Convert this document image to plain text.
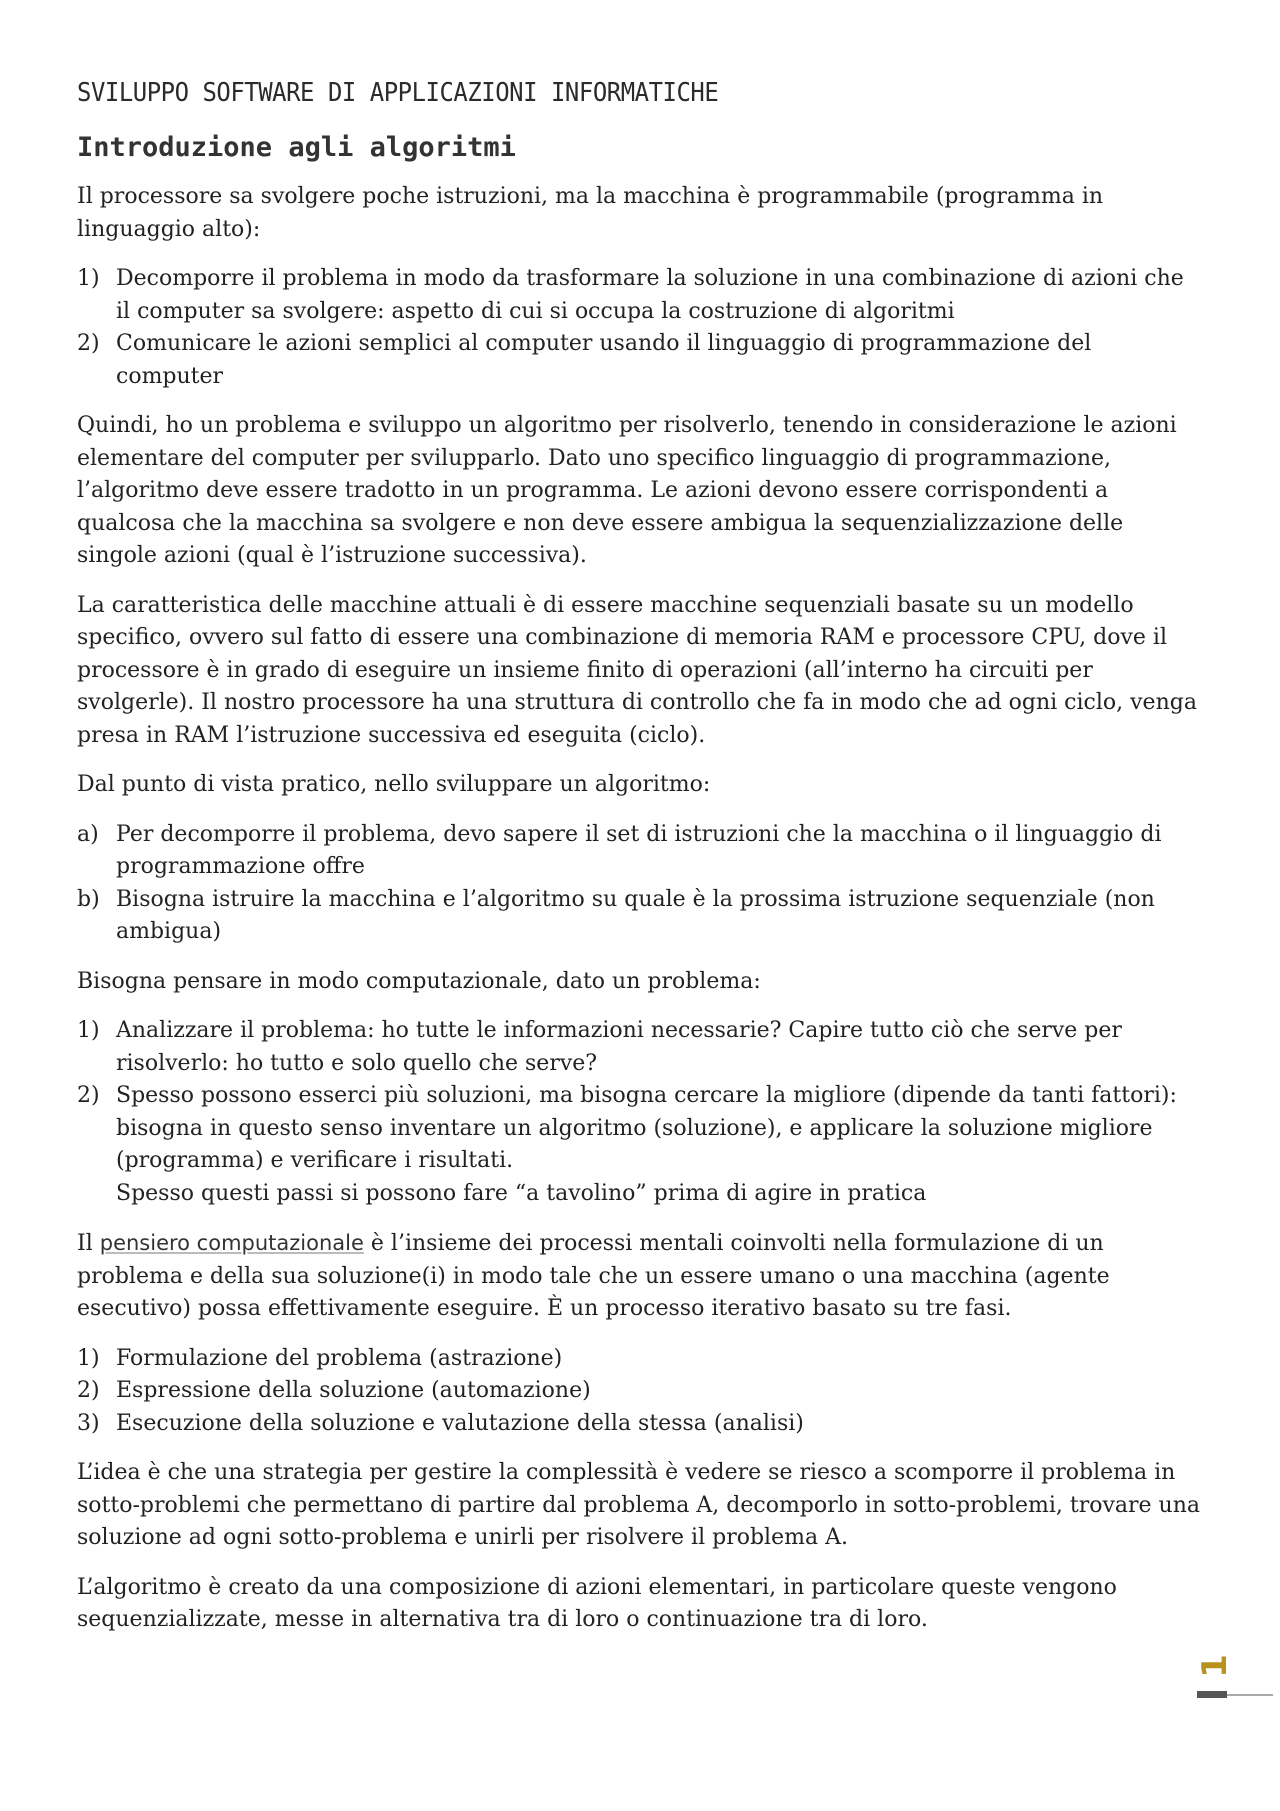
SVILUPPO SOFTWARE DI APPLICAZIONI INFORMATICHE
Introduzione agli algoritmi

Il processore sa svolgere poche istruzioni, ma la macchina è programmabile (programma in linguaggio alto):

1) Decomporre il problema in modo da trasformare la soluzione in una combinazione di azioni che il computer sa svolgere: aspetto di cui si occupa la costruzione di algoritmi
2) Comunicare le azioni semplici al computer usando il linguaggio di programmazione del computer

Quindi, ho un problema e sviluppo un algoritmo per risolverlo, tenendo in considerazione le azioni elementare del computer per svilupparlo. Dato uno specifico linguaggio di programmazione, l’algoritmo deve essere tradotto in un programma. Le azioni devono essere corrispondenti a qualcosa che la macchina sa svolgere e non deve essere ambigua la sequenzializzazione delle singole azioni (qual è l’istruzione successiva).

La caratteristica delle macchine attuali è di essere macchine sequenziali basate su un modello specifico, ovvero sul fatto di essere una combinazione di memoria RAM e processore CPU, dove il processore è in grado di eseguire un insieme finito di operazioni (all’interno ha circuiti per svolgerle). Il nostro processore ha una struttura di controllo che fa in modo che ad ogni ciclo, venga presa in RAM l’istruzione successiva ed eseguita (ciclo).

Dal punto di vista pratico, nello sviluppare un algoritmo:

a) Per decomporre il problema, devo sapere il set di istruzioni che la macchina o il linguaggio di programmazione offre
b) Bisogna istruire la macchina e l’algoritmo su quale è la prossima istruzione sequenziale (non ambigua)

Bisogna pensare in modo computazionale, dato un problema:

1) Analizzare il problema: ho tutte le informazioni necessarie? Capire tutto ciò che serve per risolverlo: ho tutto e solo quello che serve?
2) Spesso possono esserci più soluzioni, ma bisogna cercare la migliore (dipende da tanti fattori): bisogna in questo senso inventare un algoritmo (soluzione), e applicare la soluzione migliore (programma) e verificare i risultati.
Spesso questi passi si possono fare “a tavolino” prima di agire in pratica

Il pensiero computazionale è l’insieme dei processi mentali coinvolti nella formulazione di un problema e della sua soluzione(i) in modo tale che un essere umano o una macchina (agente esecutivo) possa effettivamente eseguire. È un processo iterativo basato su tre fasi.

1) Formulazione del problema (astrazione)
2) Espressione della soluzione (automazione)
3) Esecuzione della soluzione e valutazione della stessa (analisi)

L’idea è che una strategia per gestire la complessità è vedere se riesco a scomporre il problema in sotto-problemi che permettano di partire dal problema A, decomporlo in sotto-problemi, trovare una soluzione ad ogni sotto-problema e unirli per risolvere il problema A.

L’algoritmo è creato da una composizione di azioni elementari, in particolare queste vengono sequenzializzate, messe in alternativa tra di loro o continuazione tra di loro.

1
